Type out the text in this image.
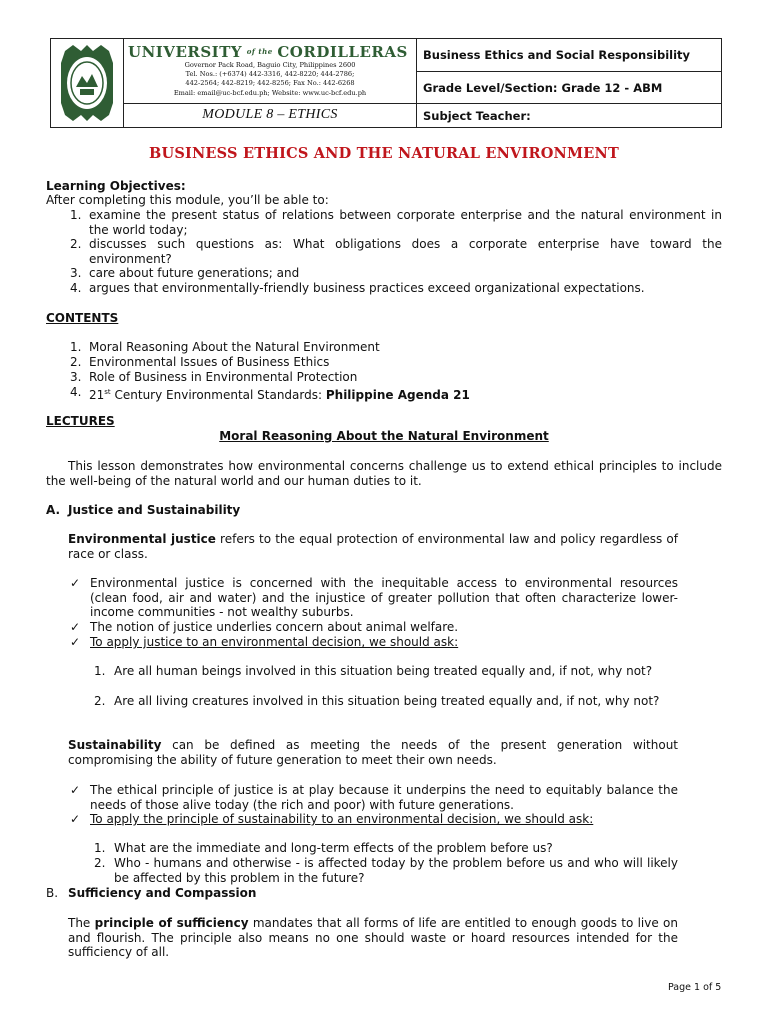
UNIVERSITY $^{of the}$ CORDILLERAS
Governor Pack Road, Baguio City, Philippines 2600
Tel. Nos.: (+6374) 442-3316, 442-8220; 444-2786;
442-2564; 442-8219; 442-8256; Fax No.: 442-6268
Email: email@uc-bcf.edu.ph; Website: www.uc-bcf.edu.ph
MODULE 8 – ETHICS
Business Ethics and Social Responsibility
Grade Level/Section: Grade 12 - ABM
Subject Teacher:
BUSINESS ETHICS AND THE NATURAL ENVIRONMENT
Learning Objectives:
After completing this module, you’ll be able to:
1. examine the present status of relations between corporate enterprise and the natural environment in the world today;
2. discusses such questions as: What obligations does a corporate enterprise have toward the environment?
3. care about future generations; and
4. argues that environmentally-friendly business practices exceed organizational expectations.
CONTENTS
1. Moral Reasoning About the Natural Environment
2. Environmental Issues of Business Ethics
3. Role of Business in Environmental Protection
4. 21st Century Environmental Standards: Philippine Agenda 21
LECTURES
Moral Reasoning About the Natural Environment
This lesson demonstrates how environmental concerns challenge us to extend ethical principles to include the well-being of the natural world and our human duties to it.
A. Justice and Sustainability
Environmental justice refers to the equal protection of environmental law and policy regardless of race or class.
✓ Environmental justice is concerned with the inequitable access to environmental resources (clean food, air and water) and the injustice of greater pollution that often characterize lower-income communities - not wealthy suburbs.
✓ The notion of justice underlies concern about animal welfare.
✓ To apply justice to an environmental decision, we should ask:
1. Are all human beings involved in this situation being treated equally and, if not, why not?
2. Are all living creatures involved in this situation being treated equally and, if not, why not?
Sustainability can be defined as meeting the needs of the present generation without compromising the ability of future generation to meet their own needs.
✓ The ethical principle of justice is at play because it underpins the need to equitably balance the needs of those alive today (the rich and poor) with future generations.
✓ To apply the principle of sustainability to an environmental decision, we should ask:
1. What are the immediate and long-term effects of the problem before us?
2. Who - humans and otherwise - is affected today by the problem before us and who will likely be affected by this problem in the future?
B. Sufficiency and Compassion
The principle of sufficiency mandates that all forms of life are entitled to enough goods to live on and flourish. The principle also means no one should waste or hoard resources intended for the sufficiency of all.
Page 1 of 5
